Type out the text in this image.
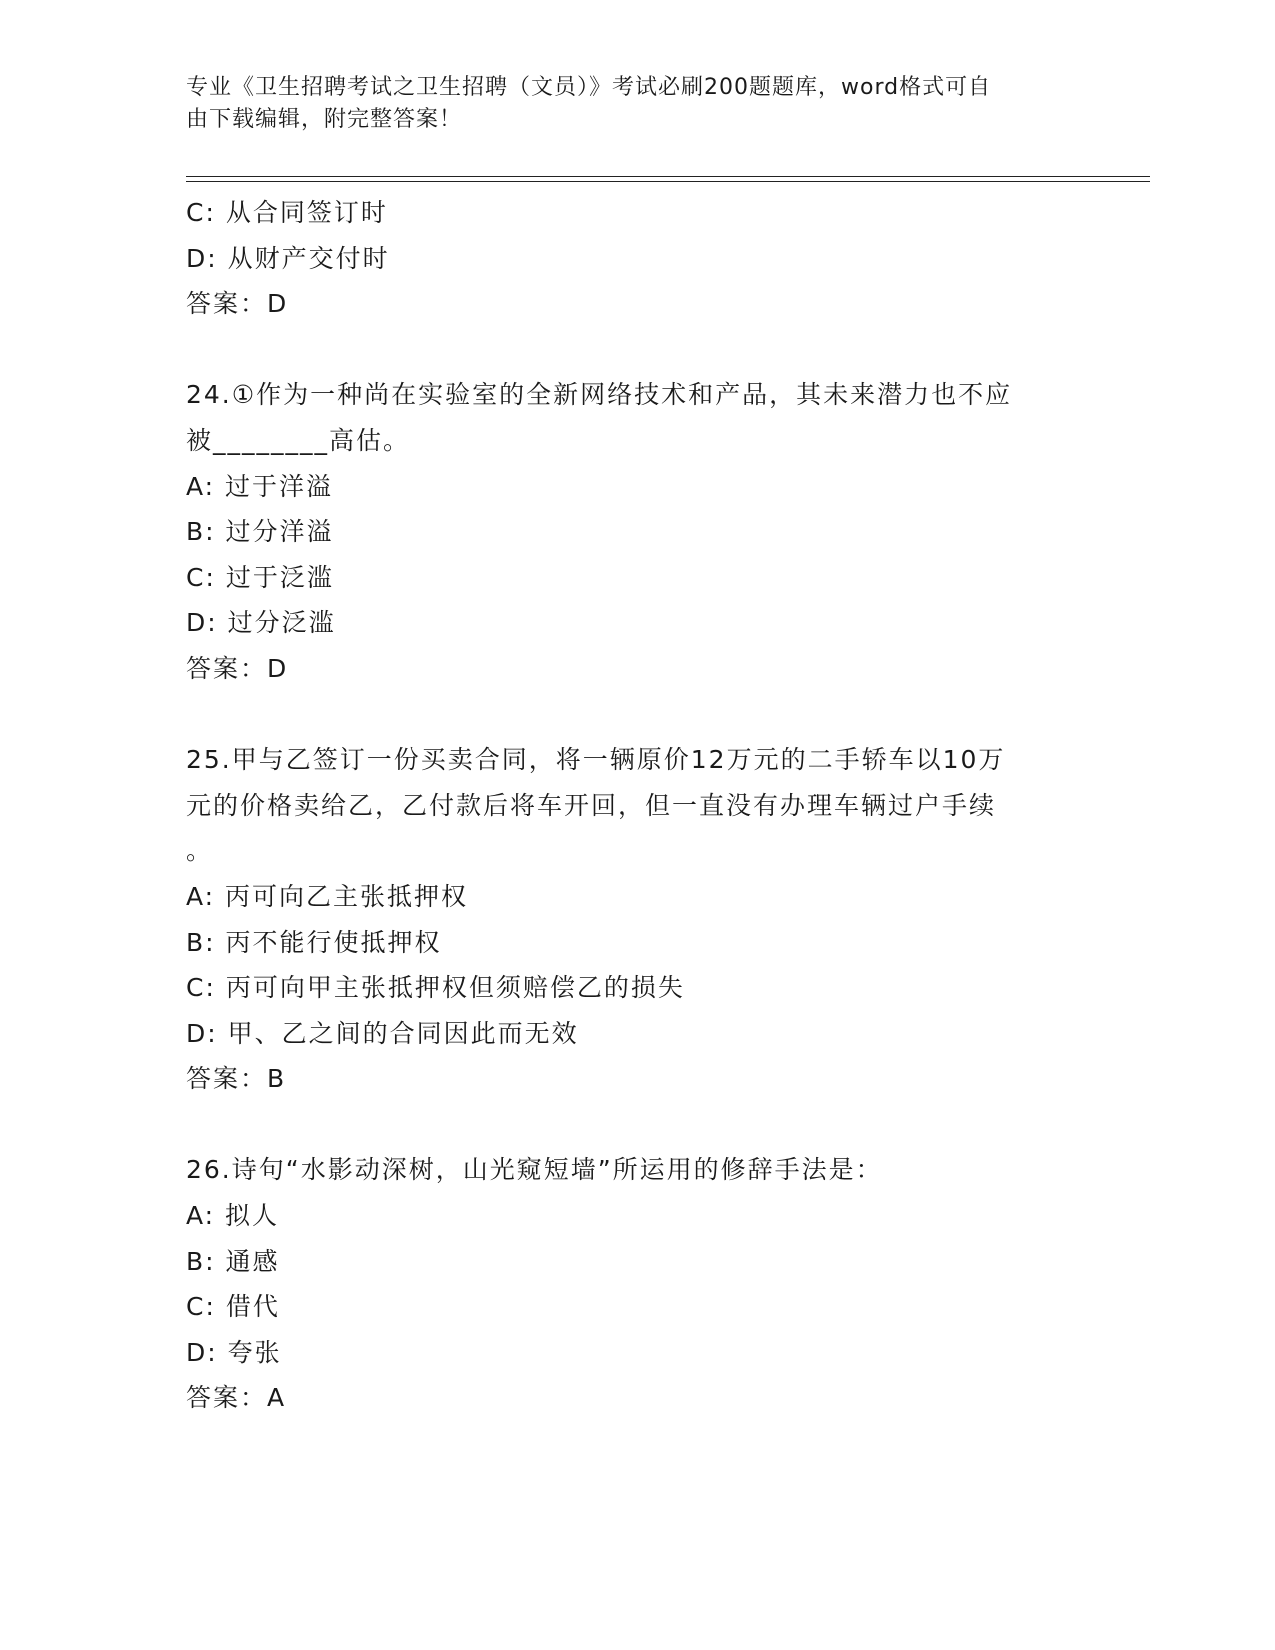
专业《卫生招聘考试之卫生招聘（文员）》考试必刷200题题库，word格式可自
由下载编辑，附完整答案！
C: 从合同签订时
D: 从财产交付时
答案：D
24.①作为一种尚在实验室的全新网络技术和产品，其未来潜力也不应
被________高估。
A: 过于洋溢
B: 过分洋溢
C: 过于泛滥
D: 过分泛滥
答案：D
25.甲与乙签订一份买卖合同，将一辆原价12万元的二手轿车以10万
元的价格卖给乙，乙付款后将车开回，但一直没有办理车辆过户手续
。
A: 丙可向乙主张抵押权
B: 丙不能行使抵押权
C: 丙可向甲主张抵押权但须赔偿乙的损失
D: 甲、乙之间的合同因此而无效
答案：B
26.诗句“水影动深树，山光窥短墙”所运用的修辞手法是：
A: 拟人
B: 通感
C: 借代
D: 夸张
答案：A
